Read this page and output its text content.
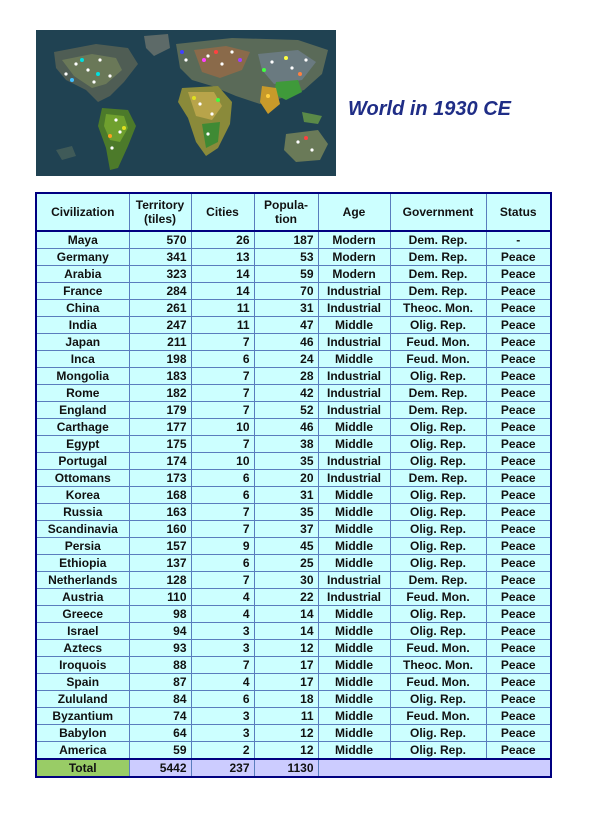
World in 1930 CE
Civilization	Territory (tiles)	Cities	Popula-tion	Age	Government	Status
Maya	570	26	187	Modern	Dem. Rep.	-
Germany	341	13	53	Modern	Dem. Rep.	Peace
Arabia	323	14	59	Modern	Dem. Rep.	Peace
France	284	14	70	Industrial	Dem. Rep.	Peace
China	261	11	31	Industrial	Theoc. Mon.	Peace
India	247	11	47	Middle	Olig. Rep.	Peace
Japan	211	7	46	Industrial	Feud. Mon.	Peace
Inca	198	6	24	Middle	Feud. Mon.	Peace
Mongolia	183	7	28	Industrial	Olig. Rep.	Peace
Rome	182	7	42	Industrial	Dem. Rep.	Peace
England	179	7	52	Industrial	Dem. Rep.	Peace
Carthage	177	10	46	Middle	Olig. Rep.	Peace
Egypt	175	7	38	Middle	Olig. Rep.	Peace
Portugal	174	10	35	Industrial	Olig. Rep.	Peace
Ottomans	173	6	20	Industrial	Dem. Rep.	Peace
Korea	168	6	31	Middle	Olig. Rep.	Peace
Russia	163	7	35	Middle	Olig. Rep.	Peace
Scandinavia	160	7	37	Middle	Olig. Rep.	Peace
Persia	157	9	45	Middle	Olig. Rep.	Peace
Ethiopia	137	6	25	Middle	Olig. Rep.	Peace
Netherlands	128	7	30	Industrial	Dem. Rep.	Peace
Austria	110	4	22	Industrial	Feud. Mon.	Peace
Greece	98	4	14	Middle	Olig. Rep.	Peace
Israel	94	3	14	Middle	Olig. Rep.	Peace
Aztecs	93	3	12	Middle	Feud. Mon.	Peace
Iroquois	88	7	17	Middle	Theoc. Mon.	Peace
Spain	87	4	17	Middle	Feud. Mon.	Peace
Zululand	84	6	18	Middle	Olig. Rep.	Peace
Byzantium	74	3	11	Middle	Feud. Mon.	Peace
Babylon	64	3	12	Middle	Olig. Rep.	Peace
America	59	2	12	Middle	Olig. Rep.	Peace
Total	5442	237	1130			
